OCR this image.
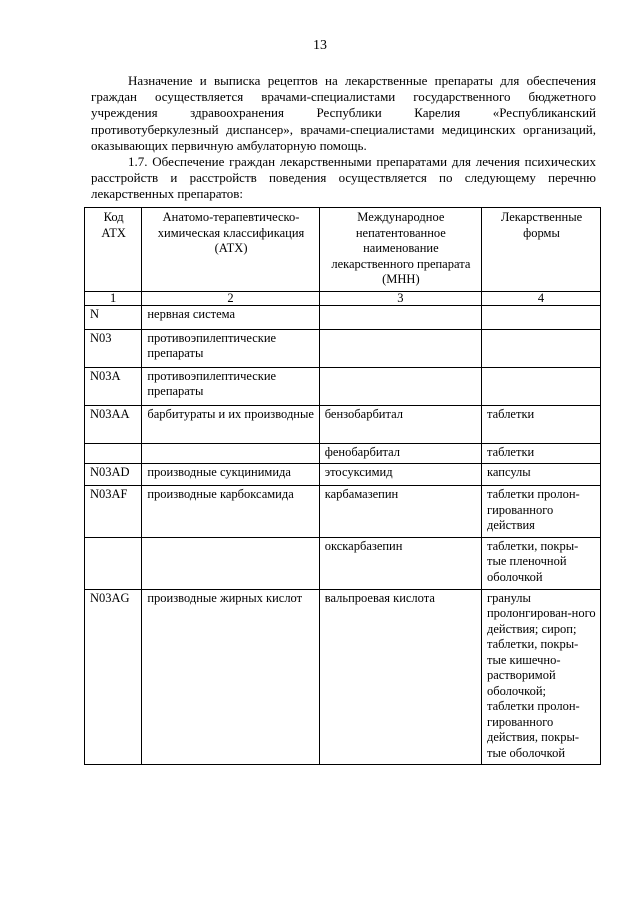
13

Назначение и выписка рецептов на лекарственные препараты для обеспечения граждан осуществляется врачами-специалистами государственного бюджетного учреждения здравоохранения Республики Карелия «Республиканский противотуберкулезный диспансер», врачами-специалистами медицинских организаций, оказывающих первичную амбулаторную помощь.

1.7. Обеспечение граждан лекарственными препаратами для лечения психических расстройств и расстройств поведения осуществляется по следующему перечню лекарственных препаратов:

Код АТХ	Анатомо-терапевтическо-химическая классификация (АТХ)	Международное непатентованное наименование лекарственного препарата (МНН)	Лекарственные формы
1	2	3	4
N	нервная система		
N03	противоэпилептические препараты		
N03A	противоэпилептические препараты		
N03AA	барбитураты и их производные	бензобарбитал	таблетки
		фенобарбитал	таблетки
N03AD	производные сукцинимида	этосуксимид	капсулы
N03AF	производные карбоксамида	карбамазепин	таблетки пролон-гированного действия
		окскарбазепин	таблетки, покры-тые пленочной оболочкой
N03AG	производные жирных кислот	вальпроевая кислота	гранулы пролонгирован-ного действия; сироп; таблетки, покры-тые кишечно-растворимой оболочкой; таблетки пролон-гированного действия, покры-тые оболочкой
